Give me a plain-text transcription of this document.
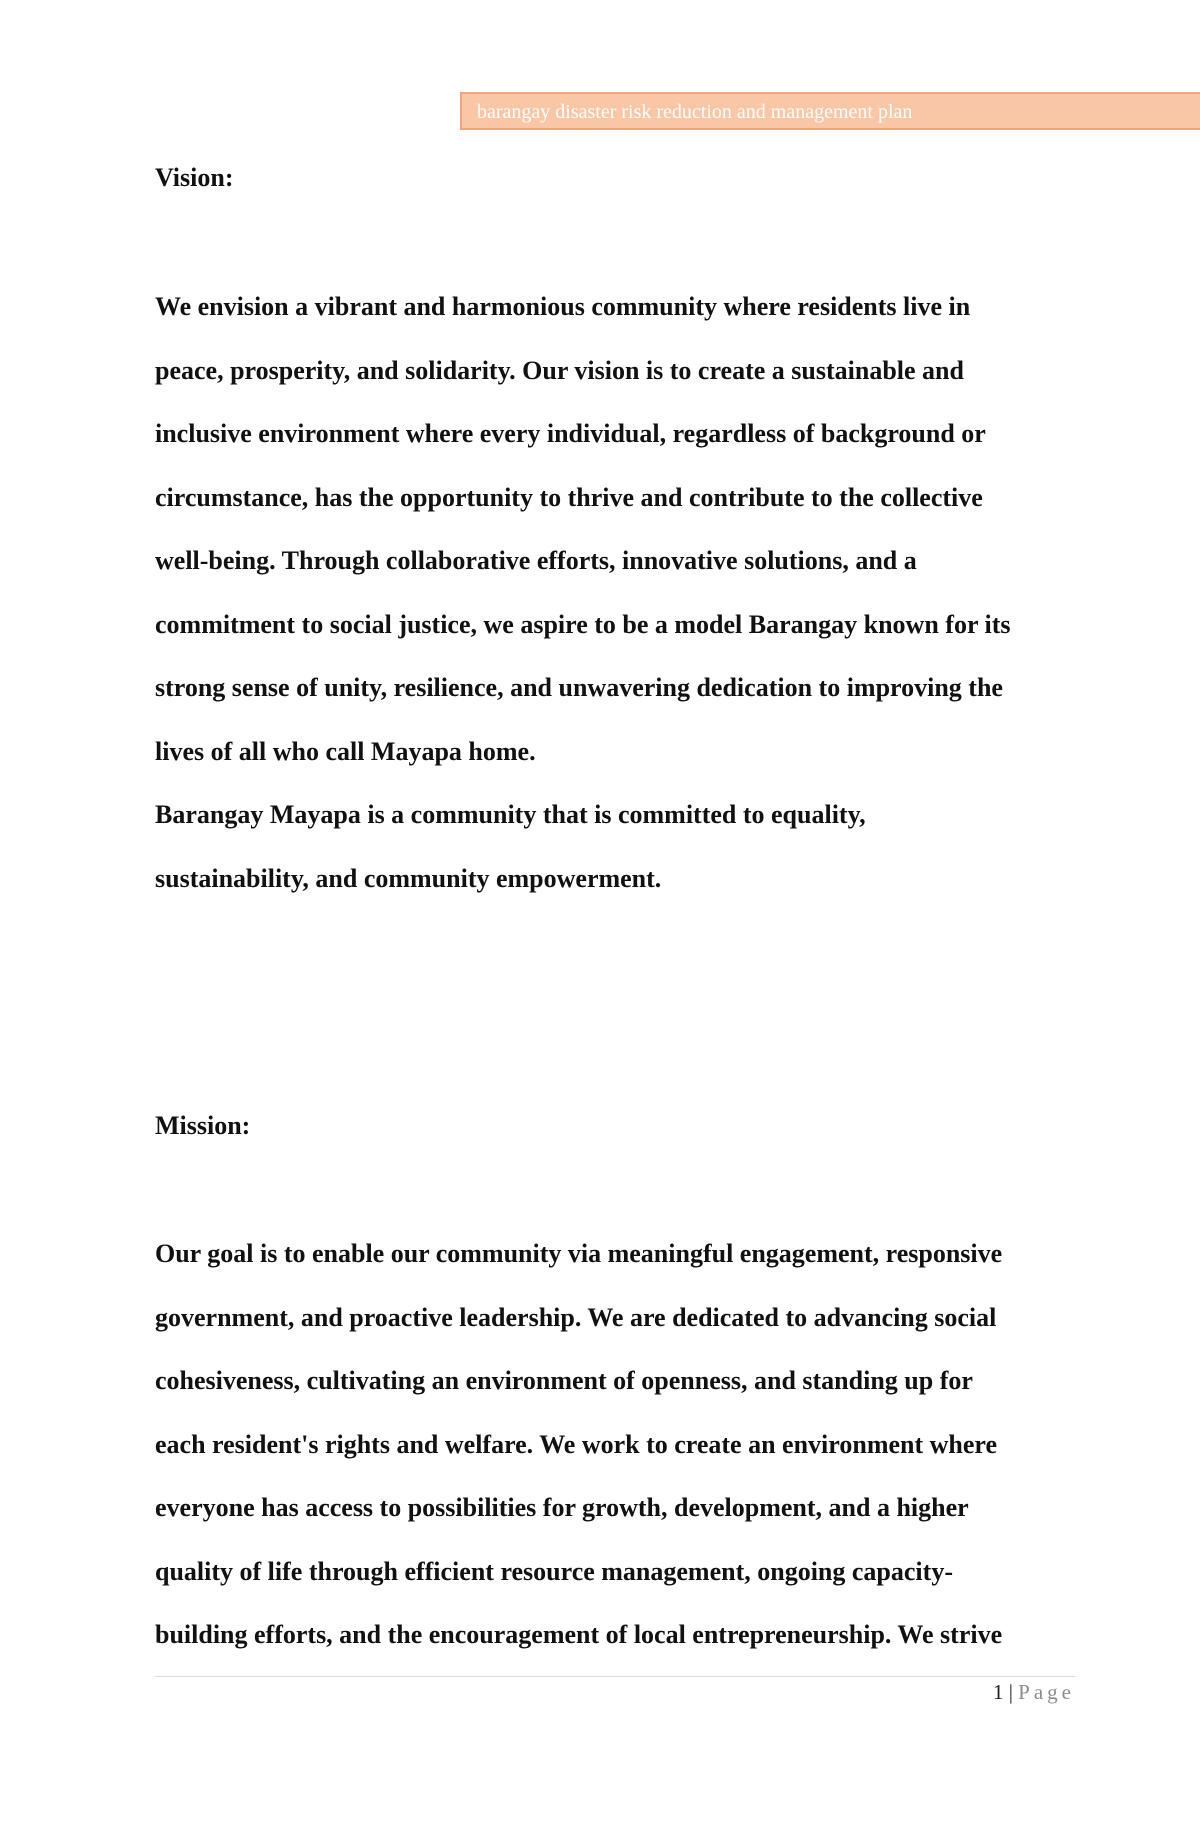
barangay disaster risk reduction and management plan
Vision:
We envision a vibrant and harmonious community where residents live in
peace, prosperity, and solidarity. Our vision is to create a sustainable and
inclusive environment where every individual, regardless of background or
circumstance, has the opportunity to thrive and contribute to the collective
well-being. Through collaborative efforts, innovative solutions, and a
commitment to social justice, we aspire to be a model Barangay known for its
strong sense of unity, resilience, and unwavering dedication to improving the
lives of all who call Mayapa home.
Barangay Mayapa is a community that is committed to equality,
sustainability, and community empowerment.
Mission:
Our goal is to enable our community via meaningful engagement, responsive
government, and proactive leadership. We are dedicated to advancing social
cohesiveness, cultivating an environment of openness, and standing up for
each resident's rights and welfare. We work to create an environment where
everyone has access to possibilities for growth, development, and a higher
quality of life through efficient resource management, ongoing capacity-
building efforts, and the encouragement of local entrepreneurship. We strive
1 | Page
